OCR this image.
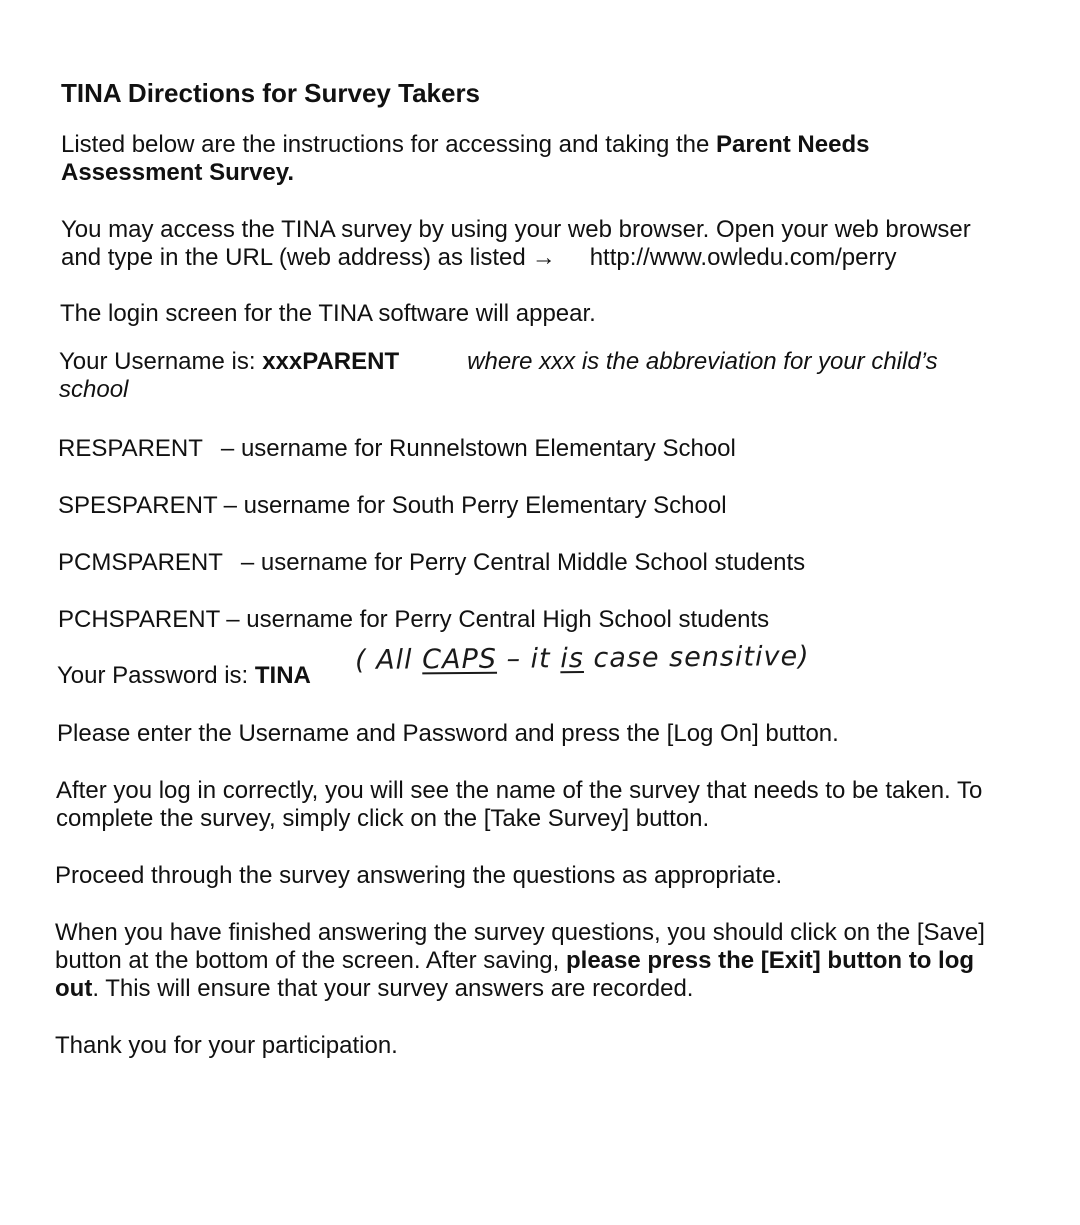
TINA Directions for Survey Takers
Listed below are the instructions for accessing and taking the Parent Needs
Assessment Survey.
You may access the TINA survey by using your web browser. Open your web browser
and type in the URL (web address) as listed → http://www.owledu.com/perry
The login screen for the TINA software will appear.
Your Username is: xxxPARENT	where xxx is the abbreviation for your child’s
school
RESPARENT – username for Runnelstown Elementary School
SPESPARENT – username for South Perry Elementary School
PCMSPARENT – username for Perry Central Middle School students
PCHSPARENT – username for Perry Central High School students
Your Password is: TINA ( All CAPS – it is case sensitive)
Please enter the Username and Password and press the [Log On] button.
After you log in correctly, you will see the name of the survey that needs to be taken. To
complete the survey, simply click on the [Take Survey] button.
Proceed through the survey answering the questions as appropriate.
When you have finished answering the survey questions, you should click on the [Save]
button at the bottom of the screen. After saving, please press the [Exit] button to log
out. This will ensure that your survey answers are recorded.
Thank you for your participation.
